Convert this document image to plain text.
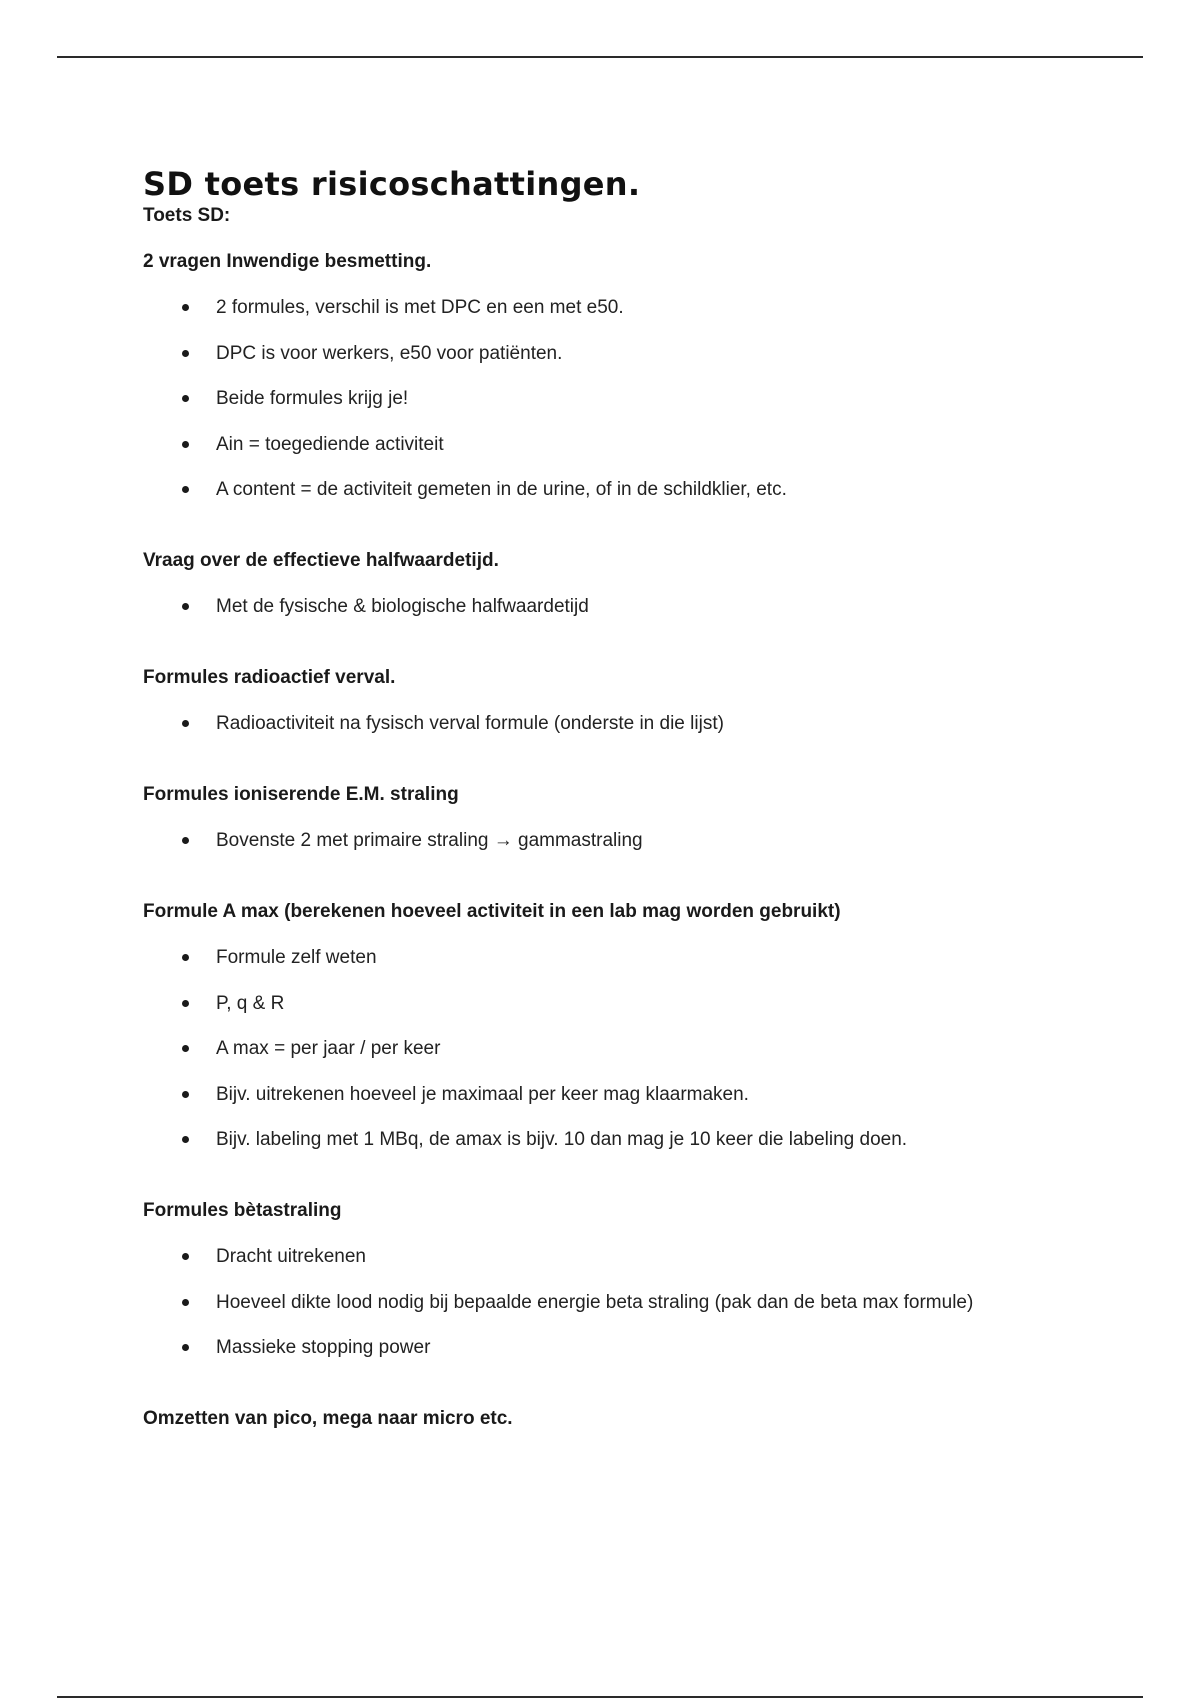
SD toets risicoschattingen.

Toets SD:

2 vragen Inwendige besmetting.

2 formules, verschil is met DPC en een met e50.
DPC is voor werkers, e50 voor patiënten.
Beide formules krijg je!
Ain = toegediende activiteit
A content = de activiteit gemeten in de urine, of in de schildklier, etc.

Vraag over de effectieve halfwaardetijd.

Met de fysische & biologische halfwaardetijd

Formules radioactief verval.

Radioactiviteit na fysisch verval formule (onderste in die lijst)

Formules ioniserende E.M. straling

Bovenste 2 met primaire straling → gammastraling

Formule A max (berekenen hoeveel activiteit in een lab mag worden gebruikt)

Formule zelf weten
P, q & R
A max = per jaar / per keer
Bijv. uitrekenen hoeveel je maximaal per keer mag klaarmaken.
Bijv. labeling met 1 MBq, de amax is bijv. 10 dan mag je 10 keer die labeling doen.

Formules bètastraling

Dracht uitrekenen
Hoeveel dikte lood nodig bij bepaalde energie beta straling (pak dan de beta max formule)
Massieke stopping power

Omzetten van pico, mega naar micro etc.
